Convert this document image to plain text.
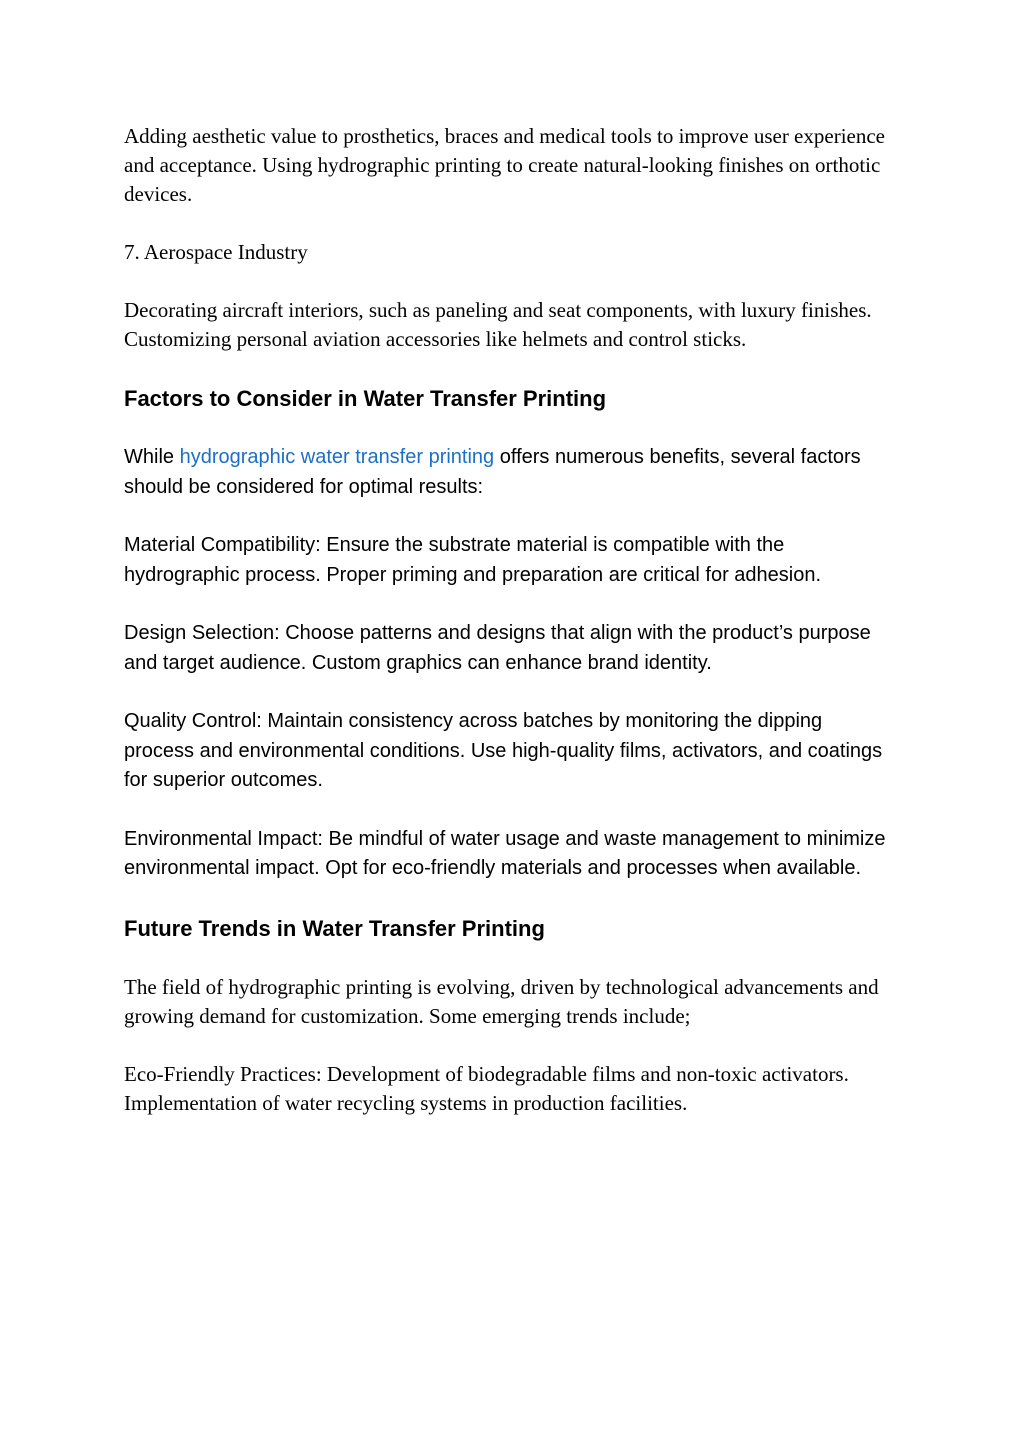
Adding aesthetic value to prosthetics, braces and medical tools to improve user experience and acceptance. Using hydrographic printing to create natural-looking finishes on orthotic devices.

7. Aerospace Industry

Decorating aircraft interiors, such as paneling and seat components, with luxury finishes. Customizing personal aviation accessories like helmets and control sticks.

Factors to Consider in Water Transfer Printing

While hydrographic water transfer printing offers numerous benefits, several factors should be considered for optimal results:

Material Compatibility: Ensure the substrate material is compatible with the hydrographic process. Proper priming and preparation are critical for adhesion.

Design Selection: Choose patterns and designs that align with the product’s purpose and target audience. Custom graphics can enhance brand identity.

Quality Control: Maintain consistency across batches by monitoring the dipping process and environmental conditions. Use high-quality films, activators, and coatings for superior outcomes.

Environmental Impact: Be mindful of water usage and waste management to minimize environmental impact. Opt for eco-friendly materials and processes when available.

Future Trends in Water Transfer Printing

The field of hydrographic printing is evolving, driven by technological advancements and growing demand for customization. Some emerging trends include;

Eco-Friendly Practices: Development of biodegradable films and non-toxic activators. Implementation of water recycling systems in production facilities.
